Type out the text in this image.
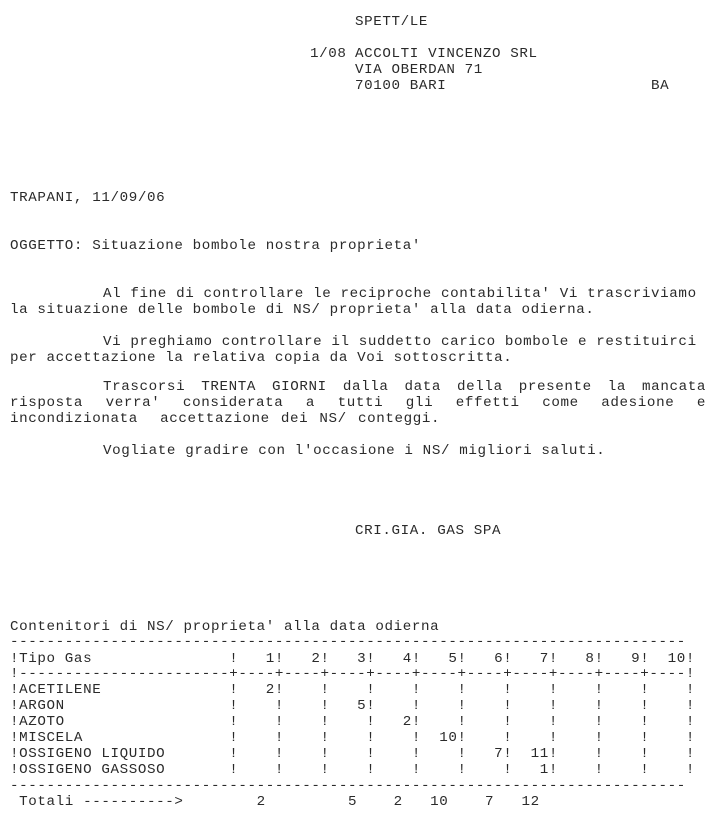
SPETT/LE
1/08 ACCOLTI VINCENZO SRL
VIA OBERDAN 71
70100 BARI	BA
TRAPANI, 11/09/06
OGGETTO: Situazione bombole nostra proprieta'
Al fine di controllare le reciproche contabilita' Vi trascriviamo
la situazione delle bombole di NS/ proprieta' alla data odierna.
Vi preghiamo controllare il suddetto carico bombole e restituirci
per accettazione la relativa copia da Voi sottoscritta.
Trascorsi TRENTA GIORNI dalla data della presente la mancata
risposta verra' considerata a tutti gli effetti come adesione e
incondizionata  accettazione dei NS/ conteggi.
Vogliate gradire con l'occasione i NS/ migliori saluti.
CRI.GIA. GAS SPA
Contenitori di NS/ proprieta' alla data odierna
--------------------------------------------------------------------------
!Tipo Gas               !   1!   2!   3!   4!   5!   6!   7!   8!   9!  10!
!-----------------------+----+----+----+----+----+----+----+----+----+----!
!ACETILENE              !   2!    !    !    !    !    !    !    !    !    !
!ARGON                  !    !    !   5!    !    !    !    !    !    !    !
!AZOTO                  !    !    !    !   2!    !    !    !    !    !    !
!MISCELA                !    !    !    !    !  10!    !    !    !    !    !
!OSSIGENO LIQUIDO       !    !    !    !    !    !   7!  11!    !    !    !
!OSSIGENO GASSOSO       !    !    !    !    !    !    !   1!    !    !    !
--------------------------------------------------------------------------
Totali ---------->        2         5    2   10    7   12
